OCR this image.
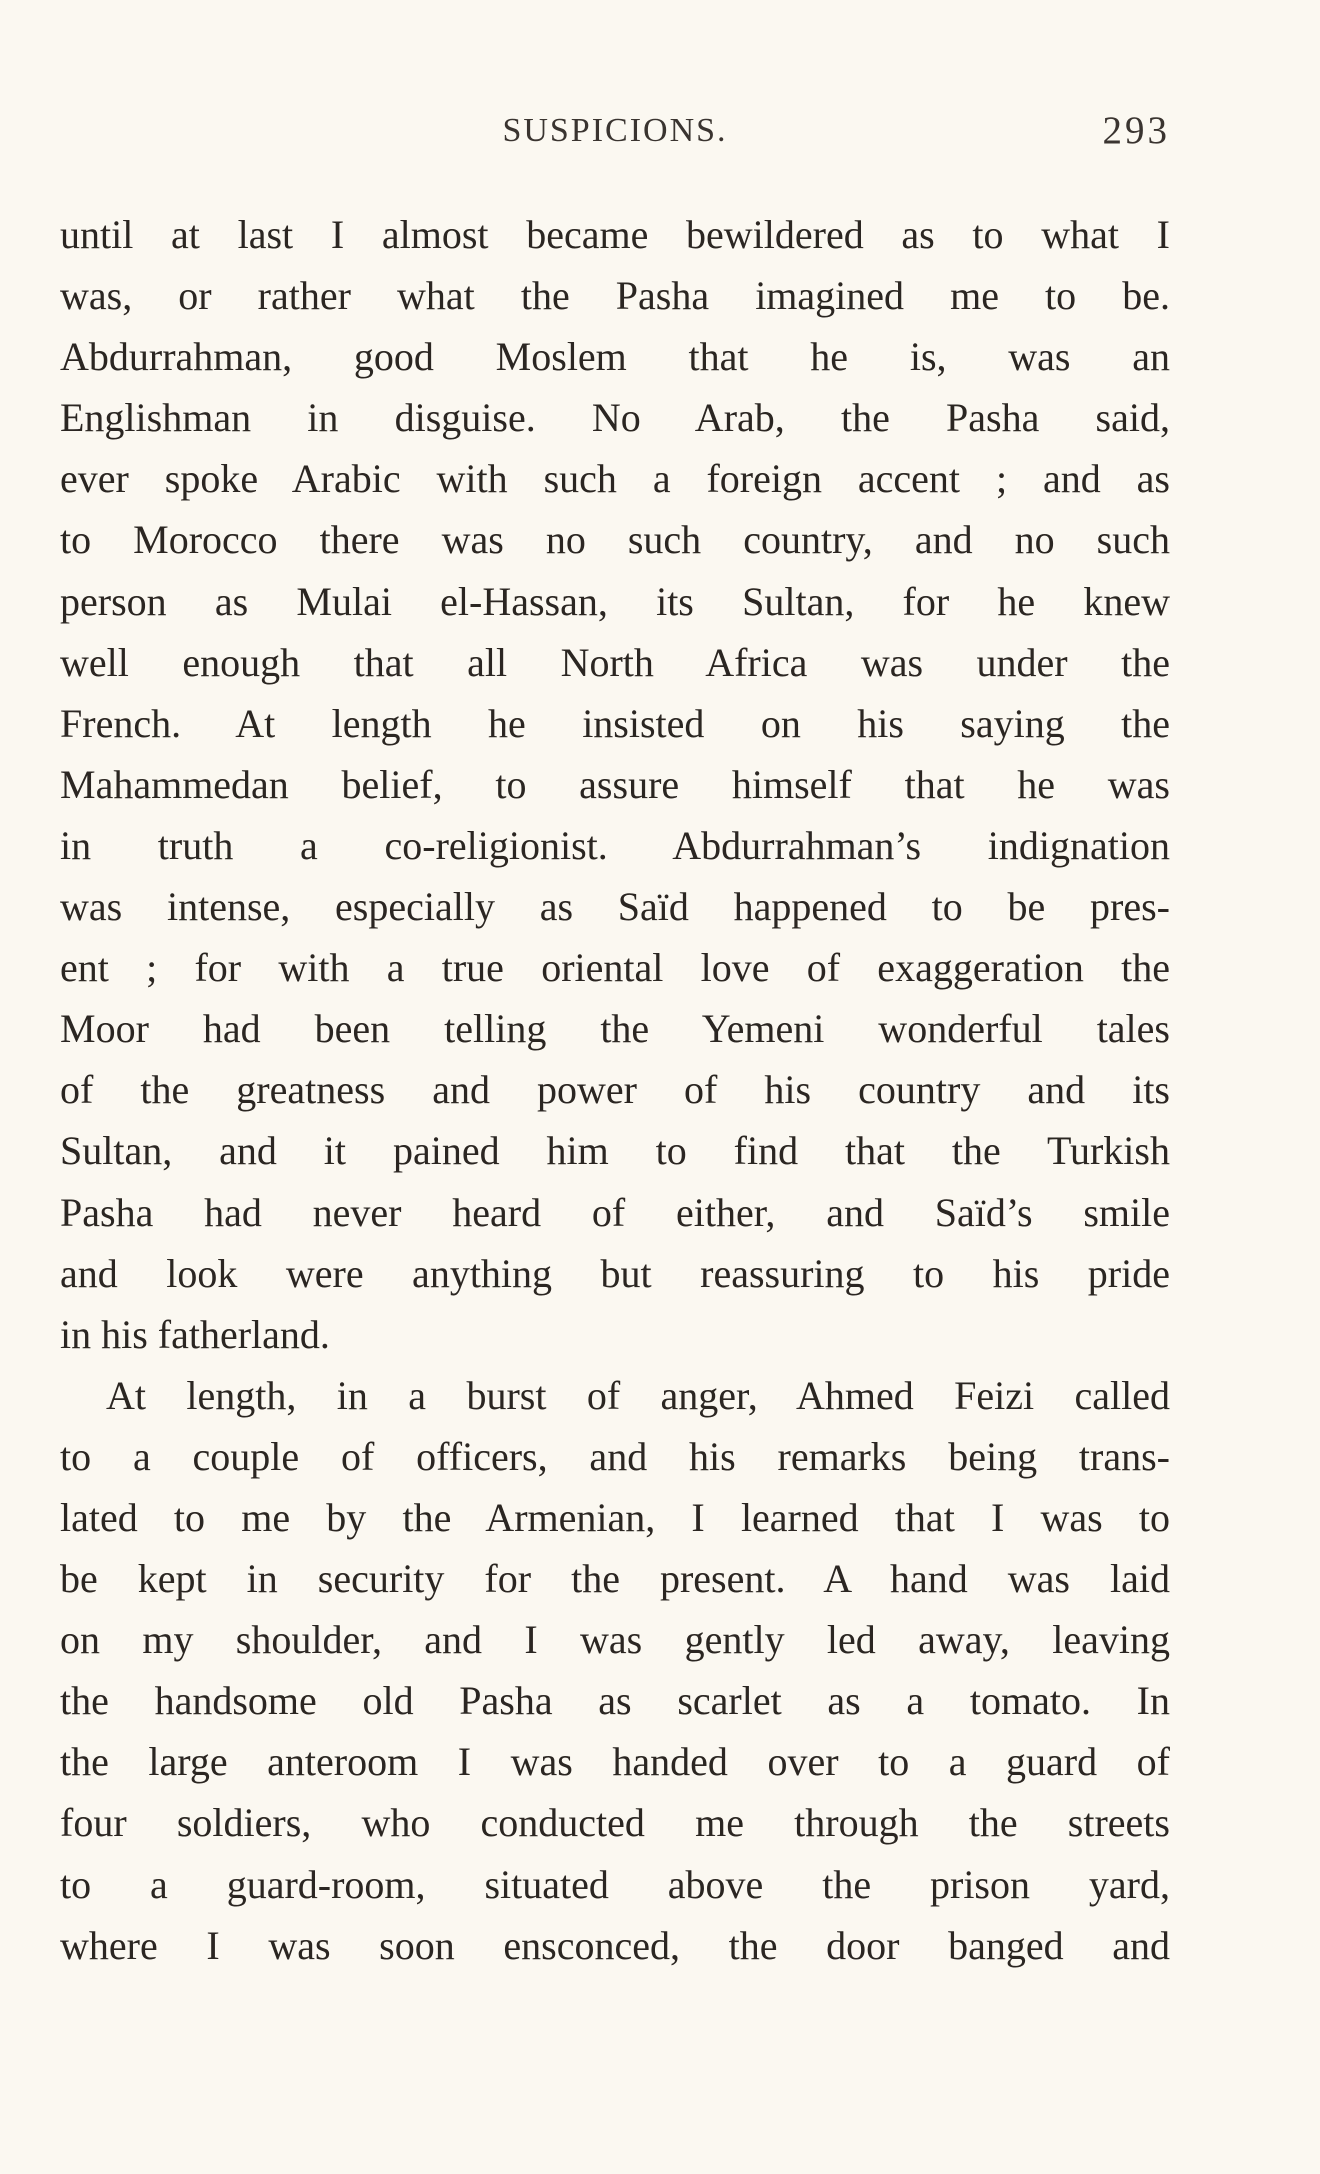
SUSPICIONS.	293
until at last I almost became bewildered as to what I
was, or rather what the Pasha imagined me to be.
Abdurrahman, good Moslem that he is, was an
Englishman in disguise. No Arab, the Pasha said,
ever spoke Arabic with such a foreign accent ; and as
to Morocco there was no such country, and no such
person as Mulai el-Hassan, its Sultan, for he knew
well enough that all North Africa was under the
French. At length he insisted on his saying the
Mahammedan belief, to assure himself that he was
in truth a co-religionist. Abdurrahman’s indignation
was intense, especially as Saïd happened to be pres-
ent ; for with a true oriental love of exaggeration the
Moor had been telling the Yemeni wonderful tales
of the greatness and power of his country and its
Sultan, and it pained him to find that the Turkish
Pasha had never heard of either, and Saïd’s smile
and look were anything but reassuring to his pride
in his fatherland.
At length, in a burst of anger, Ahmed Feizi called
to a couple of officers, and his remarks being trans-
lated to me by the Armenian, I learned that I was to
be kept in security for the present. A hand was laid
on my shoulder, and I was gently led away, leaving
the handsome old Pasha as scarlet as a tomato. In
the large anteroom I was handed over to a guard of
four soldiers, who conducted me through the streets
to a guard-room, situated above the prison yard,
where I was soon ensconced, the door banged and
